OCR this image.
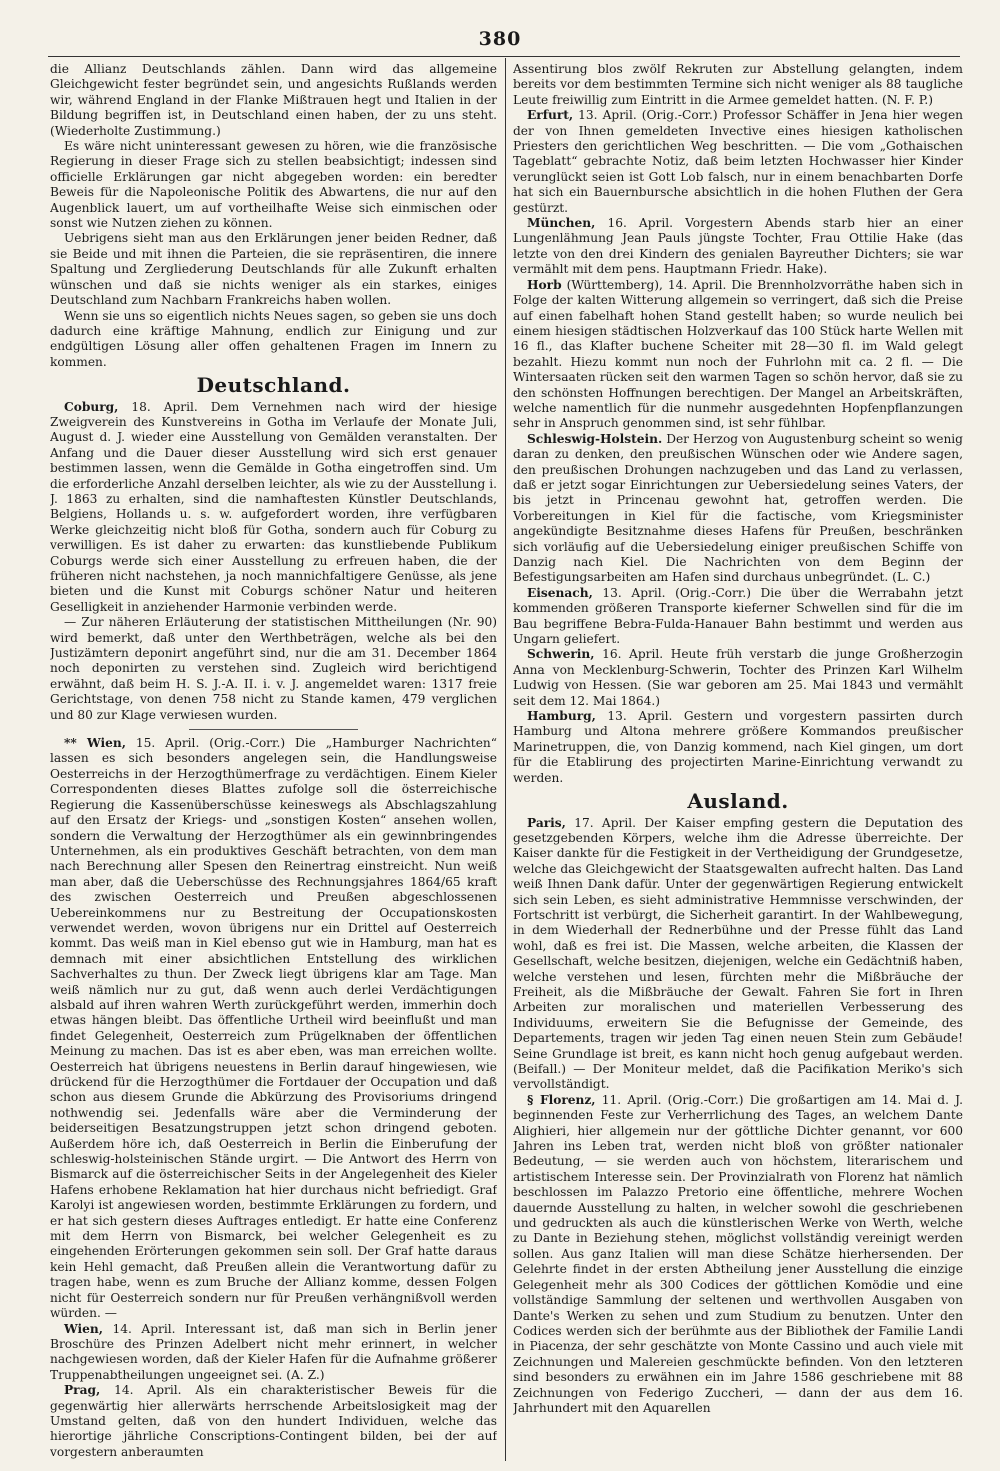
380

die Allianz Deutschlands zählen. Dann wird das allgemeine Gleichgewicht fester begründet sein, und angesichts Rußlands werden wir, während England in der Flanke Mißtrauen hegt und Italien in der Bildung begriffen ist, in Deutschland einen haben, der zu uns steht. (Wiederholte Zustimmung.)

Es wäre nicht uninteressant gewesen zu hören, wie die französische Regierung in dieser Frage sich zu stellen beabsichtigt; indessen sind officielle Erklärungen gar nicht abgegeben worden: ein beredter Beweis für die Napoleonische Politik des Abwartens, die nur auf den Augenblick lauert, um auf vortheilhafte Weise sich einmischen oder sonst wie Nutzen ziehen zu können.

Uebrigens sieht man aus den Erklärungen jener beiden Redner, daß sie Beide und mit ihnen die Parteien, die sie repräsentiren, die innere Spaltung und Zergliederung Deutschlands für alle Zukunft erhalten wünschen und daß sie nichts weniger als ein starkes, einiges Deutschland zum Nachbarn Frankreichs haben wollen.

Wenn sie uns so eigentlich nichts Neues sagen, so geben sie uns doch dadurch eine kräftige Mahnung, endlich zur Einigung und zur endgültigen Lösung aller offen gehaltenen Fragen im Innern zu kommen.

Deutschland.

Coburg, 18. April. Dem Vernehmen nach wird der hiesige Zweigverein des Kunstvereins in Gotha im Verlaufe der Monate Juli, August d. J. wieder eine Ausstellung von Gemälden veranstalten. Der Anfang und die Dauer dieser Ausstellung wird sich erst genauer bestimmen lassen, wenn die Gemälde in Gotha eingetroffen sind. Um die erforderliche Anzahl derselben leichter, als wie zu der Ausstellung i. J. 1863 zu erhalten, sind die namhaftesten Künstler Deutschlands, Belgiens, Hollands u. s. w. aufgefordert worden, ihre verfügbaren Werke gleichzeitig nicht bloß für Gotha, sondern auch für Coburg zu verwilligen. Es ist daher zu erwarten: das kunstliebende Publikum Coburgs werde sich einer Ausstellung zu erfreuen haben, die der früheren nicht nachstehen, ja noch mannichfaltigere Genüsse, als jene bieten und die Kunst mit Coburgs schöner Natur und heiteren Geselligkeit in anziehender Harmonie verbinden werde.

— Zur näheren Erläuterung der statistischen Mittheilungen (Nr. 90) wird bemerkt, daß unter den Werthbeträgen, welche als bei den Justizämtern deponirt angeführt sind, nur die am 31. December 1864 noch deponirten zu verstehen sind. Zugleich wird berichtigend erwähnt, daß beim H. S. J.-A. II. i. v. J. angemeldet waren: 1317 freie Gerichtstage, von denen 758 nicht zu Stande kamen, 479 verglichen und 80 zur Klage verwiesen wurden.

** Wien, 15. April. (Orig.-Corr.) Die „Hamburger Nachrichten“ lassen es sich besonders angelegen sein, die Handlungsweise Oesterreichs in der Herzogthümerfrage zu verdächtigen. Einem Kieler Correspondenten dieses Blattes zufolge soll die österreichische Regierung die Kassenüberschüsse keineswegs als Abschlagszahlung auf den Ersatz der Kriegs- und „sonstigen Kosten“ ansehen wollen, sondern die Verwaltung der Herzogthümer als ein gewinnbringendes Unternehmen, als ein produktives Geschäft betrachten, von dem man nach Berechnung aller Spesen den Reinertrag einstreicht. Nun weiß man aber, daß die Ueberschüsse des Rechnungsjahres 1864/65 kraft des zwischen Oesterreich und Preußen abgeschlossenen Uebereinkommens nur zu Bestreitung der Occupationskosten verwendet werden, wovon übrigens nur ein Drittel auf Oesterreich kommt. Das weiß man in Kiel ebenso gut wie in Hamburg, man hat es demnach mit einer absichtlichen Entstellung des wirklichen Sachverhaltes zu thun. Der Zweck liegt übrigens klar am Tage. Man weiß nämlich nur zu gut, daß wenn auch derlei Verdächtigungen alsbald auf ihren wahren Werth zurückgeführt werden, immerhin doch etwas hängen bleibt. Das öffentliche Urtheil wird beeinflußt und man findet Gelegenheit, Oesterreich zum Prügelknaben der öffentlichen Meinung zu machen. Das ist es aber eben, was man erreichen wollte. Oesterreich hat übrigens neuestens in Berlin darauf hingewiesen, wie drückend für die Herzogthümer die Fortdauer der Occupation und daß schon aus diesem Grunde die Abkürzung des Provisoriums dringend nothwendig sei. Jedenfalls wäre aber die Verminderung der beiderseitigen Besatzungstruppen jetzt schon dringend geboten. Außerdem höre ich, daß Oesterreich in Berlin die Einberufung der schleswig-holsteinischen Stände urgirt. — Die Antwort des Herrn von Bismarck auf die österreichischer Seits in der Angelegenheit des Kieler Hafens erhobene Reklamation hat hier durchaus nicht befriedigt. Graf Karolyi ist angewiesen worden, bestimmte Erklärungen zu fordern, und er hat sich gestern dieses Auftrages entledigt. Er hatte eine Conferenz mit dem Herrn von Bismarck, bei welcher Gelegenheit es zu eingehenden Erörterungen gekommen sein soll. Der Graf hatte daraus kein Hehl gemacht, daß Preußen allein die Verantwortung dafür zu tragen habe, wenn es zum Bruche der Allianz komme, dessen Folgen nicht für Oesterreich sondern nur für Preußen verhängnißvoll werden würden. —

Wien, 14. April. Interessant ist, daß man sich in Berlin jener Broschüre des Prinzen Adelbert nicht mehr erinnert, in welcher nachgewiesen worden, daß der Kieler Hafen für die Aufnahme größerer Truppenabtheilungen ungeeignet sei. (A. Z.)

Prag, 14. April. Als ein charakteristischer Beweis für die gegenwärtig hier allerwärts herrschende Arbeitslosigkeit mag der Umstand gelten, daß von den hundert Individuen, welche das hierortige jährliche Conscriptions-Contingent bilden, bei der auf vorgestern anberaumten

Assentirung blos zwölf Rekruten zur Abstellung gelangten, indem bereits vor dem bestimmten Termine sich nicht weniger als 88 taugliche Leute freiwillig zum Eintritt in die Armee gemeldet hatten. (N. F. P.)

Erfurt, 13. April. (Orig.-Corr.) Professor Schäffer in Jena hier wegen der von Ihnen gemeldeten Invective eines hiesigen katholischen Priesters den gerichtlichen Weg beschritten. — Die vom „Gothaischen Tageblatt“ gebrachte Notiz, daß beim letzten Hochwasser hier Kinder verunglückt seien ist Gott Lob falsch, nur in einem benachbarten Dorfe hat sich ein Bauernbursche absichtlich in die hohen Fluthen der Gera gestürzt.

München, 16. April. Vorgestern Abends starb hier an einer Lungenlähmung Jean Pauls jüngste Tochter, Frau Ottilie Hake (das letzte von den drei Kindern des genialen Bayreuther Dichters; sie war vermählt mit dem pens. Hauptmann Friedr. Hake).

Horb (Württemberg), 14. April. Die Brennholzvorräthe haben sich in Folge der kalten Witterung allgemein so verringert, daß sich die Preise auf einen fabelhaft hohen Stand gestellt haben; so wurde neulich bei einem hiesigen städtischen Holzverkauf das 100 Stück harte Wellen mit 16 fl., das Klafter buchene Scheiter mit 28—30 fl. im Wald gelegt bezahlt. Hiezu kommt nun noch der Fuhrlohn mit ca. 2 fl. — Die Wintersaaten rücken seit den warmen Tagen so schön hervor, daß sie zu den schönsten Hoffnungen berechtigen. Der Mangel an Arbeitskräften, welche namentlich für die nunmehr ausgedehnten Hopfenpflanzungen sehr in Anspruch genommen sind, ist sehr fühlbar.

Schleswig-Holstein. Der Herzog von Augustenburg scheint so wenig daran zu denken, den preußischen Wünschen oder wie Andere sagen, den preußischen Drohungen nachzugeben und das Land zu verlassen, daß er jetzt sogar Einrichtungen zur Uebersiedelung seines Vaters, der bis jetzt in Princenau gewohnt hat, getroffen werden. Die Vorbereitungen in Kiel für die factische, vom Kriegsminister angekündigte Besitznahme dieses Hafens für Preußen, beschränken sich vorläufig auf die Uebersiedelung einiger preußischen Schiffe von Danzig nach Kiel. Die Nachrichten von dem Beginn der Befestigungsarbeiten am Hafen sind durchaus unbegründet. (L. C.)

Eisenach, 13. April. (Orig.-Corr.) Die über die Werrabahn jetzt kommenden größeren Transporte kieferner Schwellen sind für die im Bau begriffene Bebra-Fulda-Hanauer Bahn bestimmt und werden aus Ungarn geliefert.

Schwerin, 16. April. Heute früh verstarb die junge Großherzogin Anna von Mecklenburg-Schwerin, Tochter des Prinzen Karl Wilhelm Ludwig von Hessen. (Sie war geboren am 25. Mai 1843 und vermählt seit dem 12. Mai 1864.)

Hamburg, 13. April. Gestern und vorgestern passirten durch Hamburg und Altona mehrere größere Kommandos preußischer Marinetruppen, die, von Danzig kommend, nach Kiel gingen, um dort für die Etablirung des projectirten Marine-Einrichtung verwandt zu werden.

Ausland.

Paris, 17. April. Der Kaiser empfing gestern die Deputation des gesetzgebenden Körpers, welche ihm die Adresse überreichte. Der Kaiser dankte für die Festigkeit in der Vertheidigung der Grundgesetze, welche das Gleichgewicht der Staatsgewalten aufrecht halten. Das Land weiß Ihnen Dank dafür. Unter der gegenwärtigen Regierung entwickelt sich sein Leben, es sieht administrative Hemmnisse verschwinden, der Fortschritt ist verbürgt, die Sicherheit garantirt. In der Wahlbewegung, in dem Wiederhall der Rednerbühne und der Presse fühlt das Land wohl, daß es frei ist. Die Massen, welche arbeiten, die Klassen der Gesellschaft, welche besitzen, diejenigen, welche ein Gedächtniß haben, welche verstehen und lesen, fürchten mehr die Mißbräuche der Freiheit, als die Mißbräuche der Gewalt. Fahren Sie fort in Ihren Arbeiten zur moralischen und materiellen Verbesserung des Individuums, erweitern Sie die Befugnisse der Gemeinde, des Departements, tragen wir jeden Tag einen neuen Stein zum Gebäude! Seine Grundlage ist breit, es kann nicht hoch genug aufgebaut werden. (Beifall.) — Der Moniteur meldet, daß die Pacifikation Meriko's sich vervollständigt.

§ Florenz, 11. April. (Orig.-Corr.) Die großartigen am 14. Mai d. J. beginnenden Feste zur Verherrlichung des Tages, an welchem Dante Alighieri, hier allgemein nur der göttliche Dichter genannt, vor 600 Jahren ins Leben trat, werden nicht bloß von größter nationaler Bedeutung, — sie werden auch von höchstem, literarischem und artistischem Interesse sein. Der Provinzialrath von Florenz hat nämlich beschlossen im Palazzo Pretorio eine öffentliche, mehrere Wochen dauernde Ausstellung zu halten, in welcher sowohl die geschriebenen und gedruckten als auch die künstlerischen Werke von Werth, welche zu Dante in Beziehung stehen, möglichst vollständig vereinigt werden sollen. Aus ganz Italien will man diese Schätze hierhersenden. Der Gelehrte findet in der ersten Abtheilung jener Ausstellung die einzige Gelegenheit mehr als 300 Codices der göttlichen Komödie und eine vollständige Sammlung der seltenen und werthvollen Ausgaben von Dante's Werken zu sehen und zum Studium zu benutzen. Unter den Codices werden sich der berühmte aus der Bibliothek der Familie Landi in Piacenza, der sehr geschätzte von Monte Cassino und auch viele mit Zeichnungen und Malereien geschmückte befinden. Von den letzteren sind besonders zu erwähnen ein im Jahre 1586 geschriebene mit 88 Zeichnungen von Federigo Zuccheri, — dann der aus dem 16. Jahrhundert mit den Aquarellen
